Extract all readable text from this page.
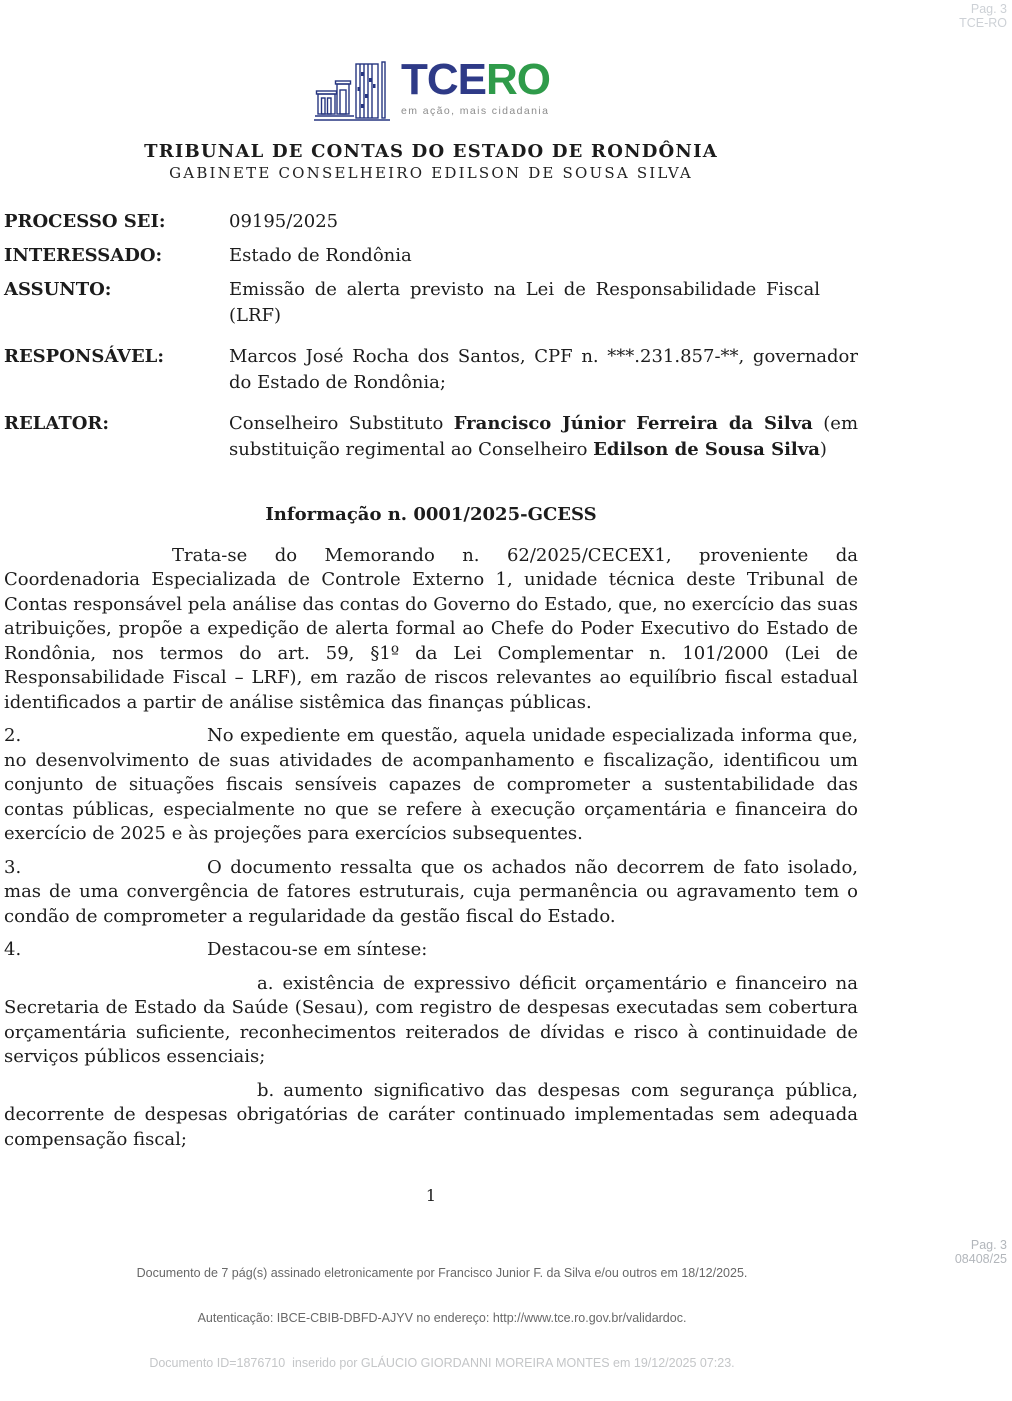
Pag. 3
TCE-RO
TCERO
em ação, mais cidadania
TRIBUNAL DE CONTAS DO ESTADO DE RONDÔNIA
GABINETE CONSELHEIRO EDILSON DE SOUSA SILVA
PROCESSO SEI:	09195/2025
INTERESSADO:	Estado de Rondônia
ASSUNTO:	Emissão de alerta previsto na Lei de Responsabilidade Fiscal (LRF)
RESPONSÁVEL:	Marcos José Rocha dos Santos, CPF n. ***.231.857-**, governador do Estado de Rondônia;
RELATOR:	Conselheiro Substituto Francisco Júnior Ferreira da Silva (em substituição regimental ao Conselheiro Edilson de Sousa Silva)
Informação n. 0001/2025-GCESS

Trata-se do Memorando n. 62/2025/CECEX1, proveniente da Coordenadoria Especializada de Controle Externo 1, unidade técnica deste Tribunal de Contas responsável pela análise das contas do Governo do Estado, que, no exercício das suas atribuições, propõe a expedição de alerta formal ao Chefe do Poder Executivo do Estado de Rondônia, nos termos do art. 59, §1º da Lei Complementar n. 101/2000 (Lei de Responsabilidade Fiscal – LRF), em razão de riscos relevantes ao equilíbrio fiscal estadual identificados a partir de análise sistêmica das finanças públicas.

2.	No expediente em questão, aquela unidade especializada informa que, no desenvolvimento de suas atividades de acompanhamento e fiscalização, identificou um conjunto de situações fiscais sensíveis capazes de comprometer a sustentabilidade das contas públicas, especialmente no que se refere à execução orçamentária e financeira do exercício de 2025 e às projeções para exercícios subsequentes.

3.	O documento ressalta que os achados não decorrem de fato isolado, mas de uma convergência de fatores estruturais, cuja permanência ou agravamento tem o condão de comprometer a regularidade da gestão fiscal do Estado.

4.	Destacou-se em síntese:

a. existência de expressivo déficit orçamentário e financeiro na Secretaria de Estado da Saúde (Sesau), com registro de despesas executadas sem cobertura orçamentária suficiente, reconhecimentos reiterados de dívidas e risco à continuidade de serviços públicos essenciais;

b. aumento significativo das despesas com segurança pública, decorrente de despesas obrigatórias de caráter continuado implementadas sem adequada compensação fiscal;

1

Documento de 7 pág(s) assinado eletronicamente por Francisco Junior F. da Silva e/ou outros em 18/12/2025.

Autenticação: IBCE-CBIB-DBFD-AJYV no endereço: http://www.tce.ro.gov.br/validardoc.

Documento ID=1876710  inserido por GLÁUCIO GIORDANNI MOREIRA MONTES em 19/12/2025 07:23.

Pag. 3
08408/25
